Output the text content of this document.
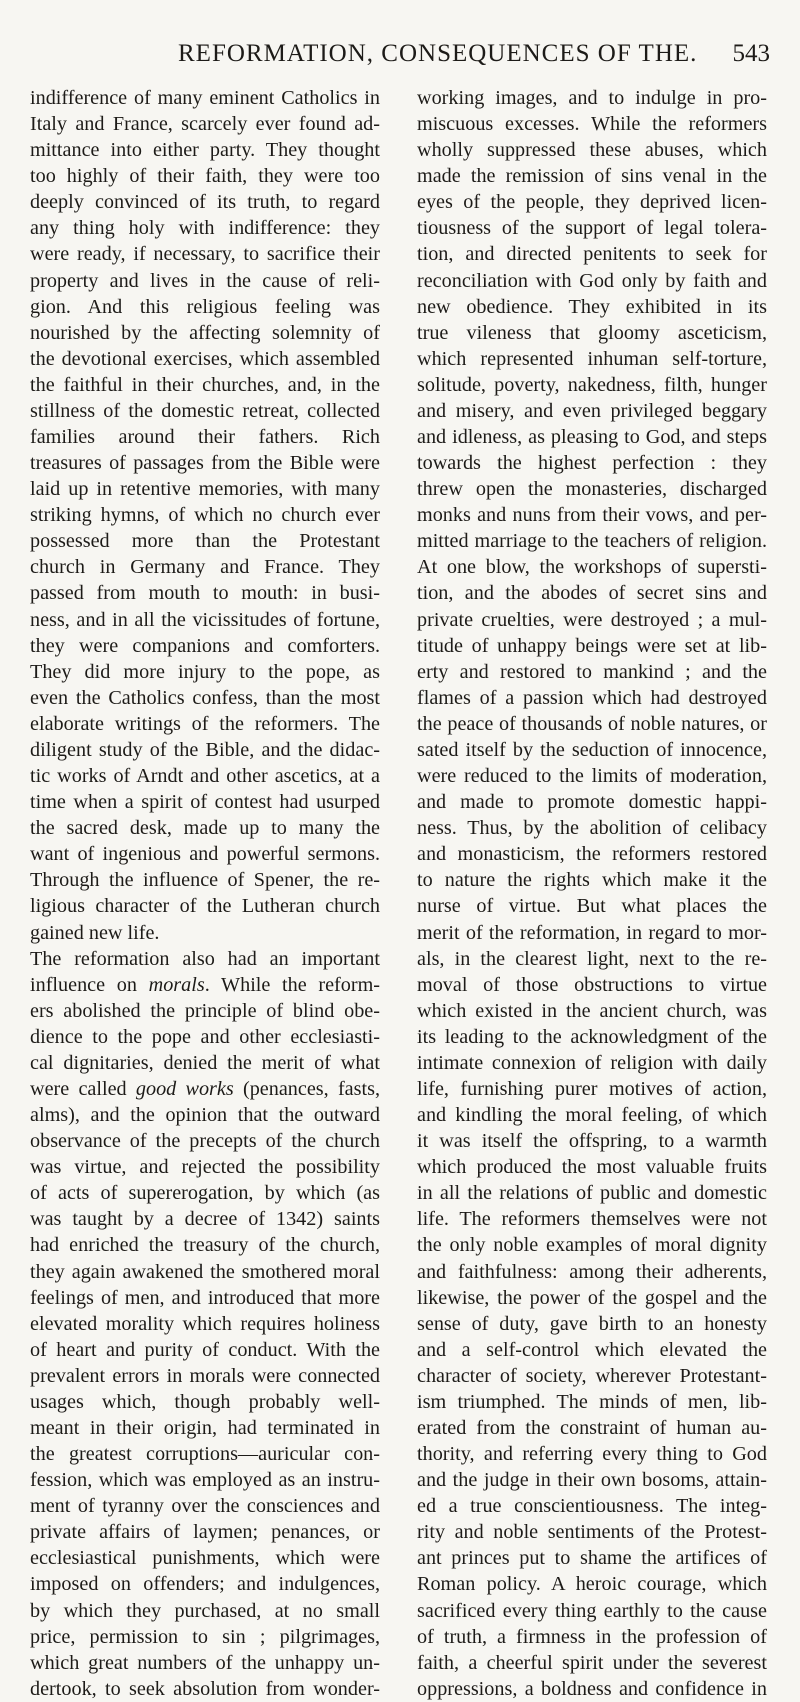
REFORMATION, CONSEQUENCES OF THE. 543
indifference of many eminent Catholics in
Italy and France, scarcely ever found ad-
mittance into either party. They thought
too highly of their faith, they were too
deeply convinced of its truth, to regard
any thing holy with indifference: they
were ready, if necessary, to sacrifice their
property and lives in the cause of reli-
gion. And this religious feeling was
nourished by the affecting solemnity of
the devotional exercises, which assembled
the faithful in their churches, and, in the
stillness of the domestic retreat, collected
families around their fathers. Rich
treasures of passages from the Bible were
laid up in retentive memories, with many
striking hymns, of which no church ever
possessed more than the Protestant
church in Germany and France. They
passed from mouth to mouth: in busi-
ness, and in all the vicissitudes of fortune,
they were companions and comforters.
They did more injury to the pope, as
even the Catholics confess, than the most
elaborate writings of the reformers. The
diligent study of the Bible, and the didac-
tic works of Arndt and other ascetics, at a
time when a spirit of contest had usurped
the sacred desk, made up to many the
want of ingenious and powerful sermons.
Through the influence of Spener, the re-
ligious character of the Lutheran church
gained new life.
The reformation also had an important
influence on morals. While the reform-
ers abolished the principle of blind obe-
dience to the pope and other ecclesiasti-
cal dignitaries, denied the merit of what
were called good works (penances, fasts,
alms), and the opinion that the outward
observance of the precepts of the church
was virtue, and rejected the possibility
of acts of supererogation, by which (as
was taught by a decree of 1342) saints
had enriched the treasury of the church,
they again awakened the smothered moral
feelings of men, and introduced that more
elevated morality which requires holiness
of heart and purity of conduct. With the
prevalent errors in morals were connected
usages which, though probably well-
meant in their origin, had terminated in
the greatest corruptions—auricular con-
fession, which was employed as an instru-
ment of tyranny over the consciences and
private affairs of laymen; penances, or
ecclesiastical punishments, which were
imposed on offenders; and indulgences,
by which they purchased, at no small
price, permission to sin ; pilgrimages,
which great numbers of the unhappy un-
dertook, to seek absolution from wonder-
working images, and to indulge in pro-
miscuous excesses. While the reformers
wholly suppressed these abuses, which
made the remission of sins venal in the
eyes of the people, they deprived licen-
tiousness of the support of legal tolera-
tion, and directed penitents to seek for
reconciliation with God only by faith and
new obedience. They exhibited in its
true vileness that gloomy asceticism,
which represented inhuman self-torture,
solitude, poverty, nakedness, filth, hunger
and misery, and even privileged beggary
and idleness, as pleasing to God, and steps
towards the highest perfection : they
threw open the monasteries, discharged
monks and nuns from their vows, and per-
mitted marriage to the teachers of religion.
At one blow, the workshops of supersti-
tion, and the abodes of secret sins and
private cruelties, were destroyed ; a mul-
titude of unhappy beings were set at lib-
erty and restored to mankind ; and the
flames of a passion which had destroyed
the peace of thousands of noble natures, or
sated itself by the seduction of innocence,
were reduced to the limits of moderation,
and made to promote domestic happi-
ness. Thus, by the abolition of celibacy
and monasticism, the reformers restored
to nature the rights which make it the
nurse of virtue. But what places the
merit of the reformation, in regard to mor-
als, in the clearest light, next to the re-
moval of those obstructions to virtue
which existed in the ancient church, was
its leading to the acknowledgment of the
intimate connexion of religion with daily
life, furnishing purer motives of action,
and kindling the moral feeling, of which
it was itself the offspring, to a warmth
which produced the most valuable fruits
in all the relations of public and domestic
life. The reformers themselves were not
the only noble examples of moral dignity
and faithfulness: among their adherents,
likewise, the power of the gospel and the
sense of duty, gave birth to an honesty
and a self-control which elevated the
character of society, wherever Protestant-
ism triumphed. The minds of men, lib-
erated from the constraint of human au-
thority, and referring every thing to God
and the judge in their own bosoms, attain-
ed a true conscientiousness. The integ-
rity and noble sentiments of the Protest-
ant princes put to shame the artifices of
Roman policy. A heroic courage, which
sacrificed every thing earthly to the cause
of truth, a firmness in the profession of
faith, a cheerful spirit under the severest
oppressions, a boldness and confidence in
